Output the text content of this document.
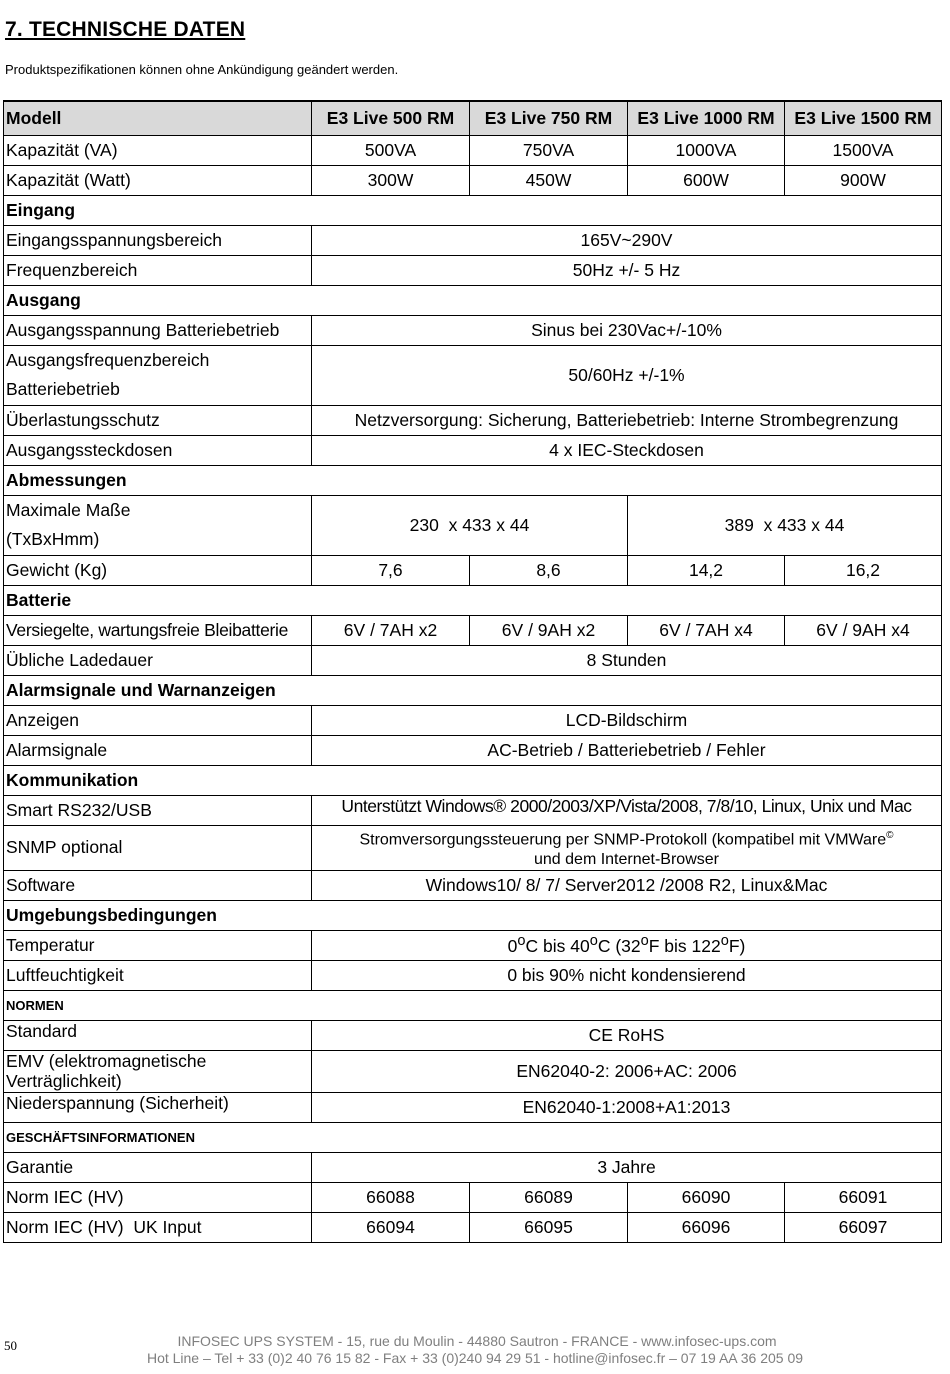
7. TECHNISCHE DATEN
Produktspezifikationen können ohne Ankündigung geändert werden.
Modell	E3 Live 500 RM	E3 Live 750 RM	E3 Live 1000 RM	E3 Live 1500 RM
Kapazität (VA)	500VA	750VA	1000VA	1500VA
Kapazität (Watt)	300W	450W	600W	900W
Eingang				
Eingangsspannungsbereich	165V~290V			
Frequenzbereich	50Hz +/- 5 Hz			
Ausgang				
Ausgangsspannung Batteriebetrieb	Sinus bei 230Vac+/-10%			

Ausgangsfrequenzbereich
Batteriebetrieb	50/60Hz +/-1%			
Überlastungsschutz	Netzversorgung: Sicherung, Batteriebetrieb: Interne Strombegrenzung			
Ausgangssteckdosen	4 x IEC-Steckdosen			
Abmessungen				

Maximale Maße
(TxBxHmm)	230  x 433 x 44		389  x 433 x 44	
Gewicht (Kg)	7,6	8,6	14,2	16,2
Batterie				
Versiegelte, wartungsfreie Bleibatterie	6V / 7AH x2	6V / 9AH x2	6V / 7AH x4	6V / 9AH x4
Übliche Ladedauer	8 Stunden			
Alarmsignale und Warnanzeigen				
Anzeigen	LCD-Bildschirm			
Alarmsignale	AC-Betrieb / Batteriebetrieb / Fehler			
Kommunikation				
Smart RS232/USB	Unterstützt Windows® 2000/2003/XP/Vista/2008, 7/8/10, Linux, Unix und Mac			
SNMP optional	Stromversorgungssteuerung per SNMP-Protokoll (kompatibel mit VMWare©
und dem Internet-Browser			

Software	Windows10/ 8/ 7/ Server2012 /2008 R2, Linux&Mac			
Umgebungsbedingungen				
Temperatur	0$^o$C bis 40$^o$C (32$^o$F bis 122$^o$F)			
Luftfeuchtigkeit	0 bis 90% nicht kondensierend			
NORMEN				
Standard	CE RoHS			

EMV (elektromagnetische
Verträglichkeit)	EN62040-2: 2006+AC: 2006			
Niederspannung (Sicherheit)	EN62040-1:2008+A1:2013			
GESCHÄFTSINFORMATIONEN				
Garantie	3 Jahre			
Norm IEC (HV)	66088	66089	66090	66091
Norm IEC (HV)  UK Input	66094	66095	66096	66097
50	INFOSEC UPS SYSTEM - 15, rue du Moulin - 44880 Sautron - FRANCE - www.infosec-ups.com
Hot Line – Tel + 33 (0)2 40 76 15 82 - Fax + 33 (0)240 94 29 51 - hotline@infosec.fr – 07 19 AA 36 205 09
